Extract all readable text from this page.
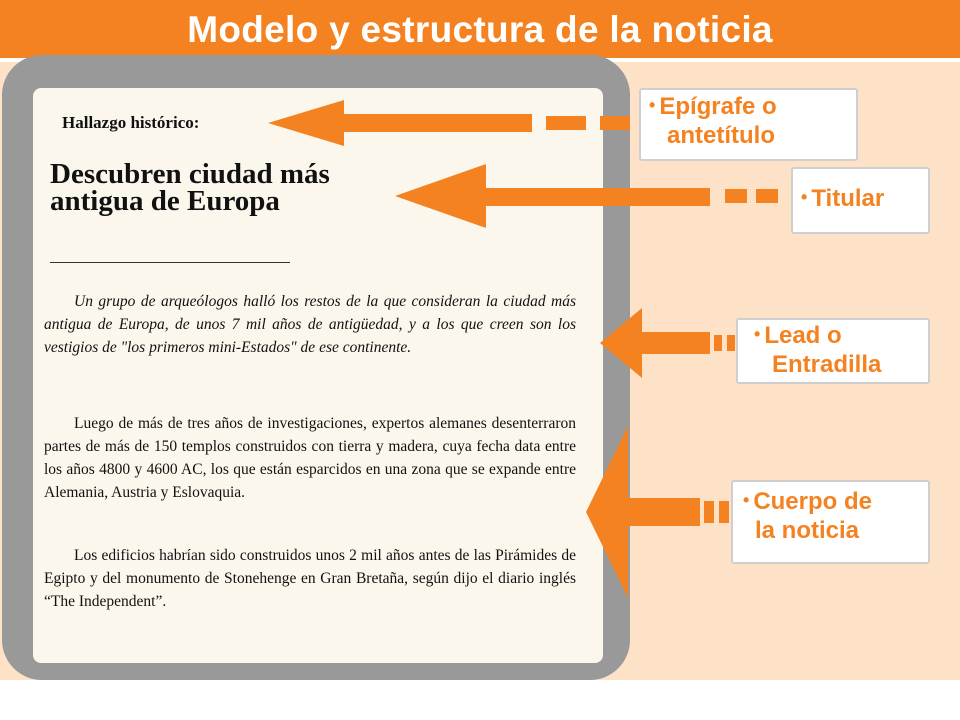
Modelo y estructura de la noticia

Hallazgo histórico:

Descubren ciudad más antigua de Europa

Un grupo de arqueólogos halló los restos de la que consideran la ciudad más antigua de Europa, de unos 7 mil años de antigüedad, y a los que creen son los vestigios de "los primeros mini-Estados" de ese continente.

Luego de más de tres años de investigaciones, expertos alemanes desenterraron partes de más de 150 templos construidos con tierra y madera, cuya fecha data entre los años 4800 y 4600 AC, los que están esparcidos en una zona que se expande entre Alemania, Austria y Eslovaquia.

Los edificios habrían sido construidos unos 2 mil años antes de las Pirámides de Egipto y del monumento de Stonehenge en Gran Bretaña, según dijo el diario inglés “The Independent”.

• Epígrafe o
antetítulo
• Titular
• Lead o
Entradilla
• Cuerpo de
la noticia

Características y Estructura de la Noticia 1° medio Lengua castellana y comunicación	❯ ir a la planificación
